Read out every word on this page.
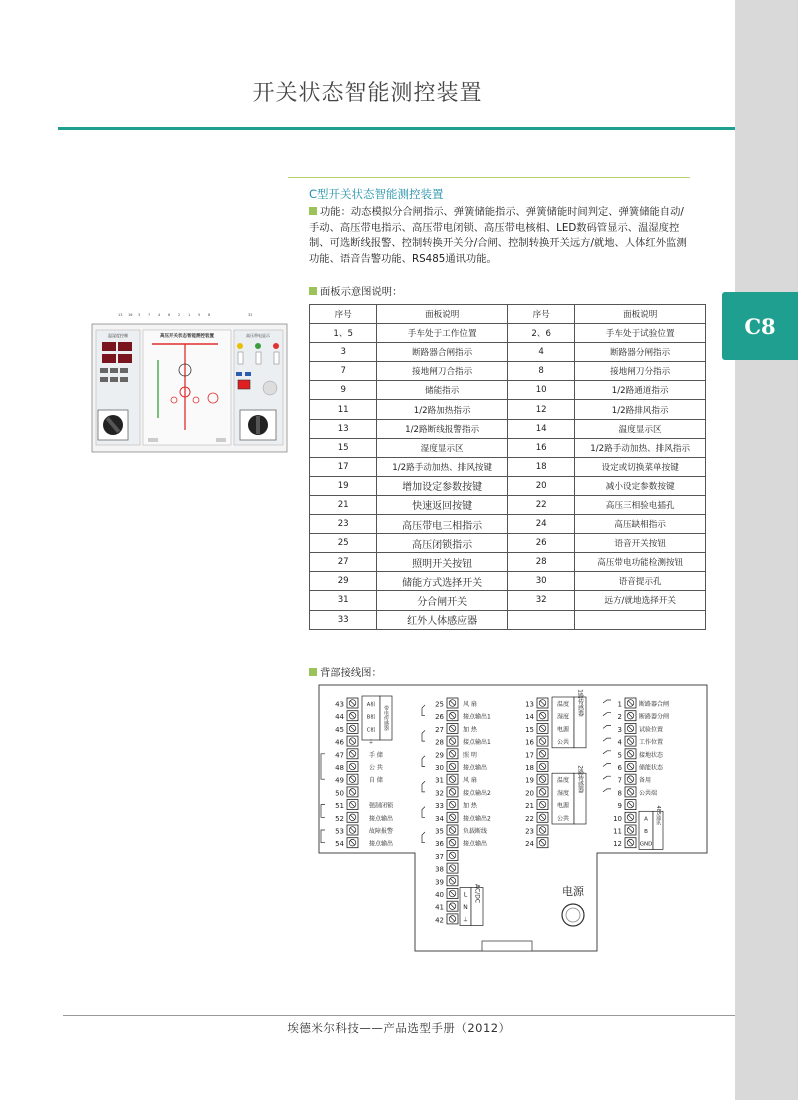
C8
开关状态智能测控装置
C型开关状态智能测控装置
功能：动态模拟分合闸指示、弹簧储能指示、弹簧储能时间判定、弹簧储能自动/手动、高压带电指示、高压带电闭锁、高压带电核相、LED数码管显示、温湿度控制、可选断线报警、控制转换开关分/合闸、控制转换开关远方/就地、人体红外监测功能、语音告警功能、RS485通讯功能。
面板示意图说明：
温湿度控制	高压开关状态智能测控装置	高压带电显示
13 16 3 7 4 6 2 1 5 8	32	序号	面板说明	序号	面板说明
1、5	手车处于工作位置	2、6	手车处于试验位置
3	断路器合闸指示	4	断路器分闸指示
7	接地闸刀合指示	8	接地闸刀分指示
9	储能指示	10	1/2路通道指示
11	1/2路加热指示	12	1/2路排风指示
13	1/2路断线报警指示	14	温度显示区
15	湿度显示区	16	1/2路手动加热、排风指示
17	1/2路手动加热、排风按键	18	设定或切换菜单按键
19	增加设定参数按键	20	减小设定参数按键
21	快速返回按键	22	高压三相验电插孔
23	高压带电三相指示	24	高压缺相指示
25	高压闭锁指示	26	语音开关按钮
27	照明开关按钮	28	高压带电功能检测按钮
29	储能方式选择开关	30	语音提示孔
31	分合闸开关	32	远方/就地选择开关
33	红外人体感应器		
背部接线图：
电源
43
44
45
46
47
48
49
50
51
52
53
54
A相
B相
C相
⏚
带电传感器
手 储
公 共
自 储
强制闭锁
接点输出
故障报警
接点输出
25
26
27
28
29
30
31
32
33
34
35
36
37
38
39
40
41
42
风 扇
接点输出1
加 热
接点输出1
照 明
接点输出
风 扇
接点输出2
加 热
接点输出2
负载断线
接点输出
L
N
⏚
AC/DC
13
14
15
16
17
18
19
20
21
22
23
24
温度
湿度
电源
公共
1路传感器
温度
湿度
电源
公共
2路传感器
1
2
3
4
5
6
7
8
9
10
11
12
断路器合闸
断路器分闸
试验位置
工作位置
接地状态
储能状态
备用
公共端
A
B
GND
485通讯
埃德米尔科技——产品选型手册（2012）
